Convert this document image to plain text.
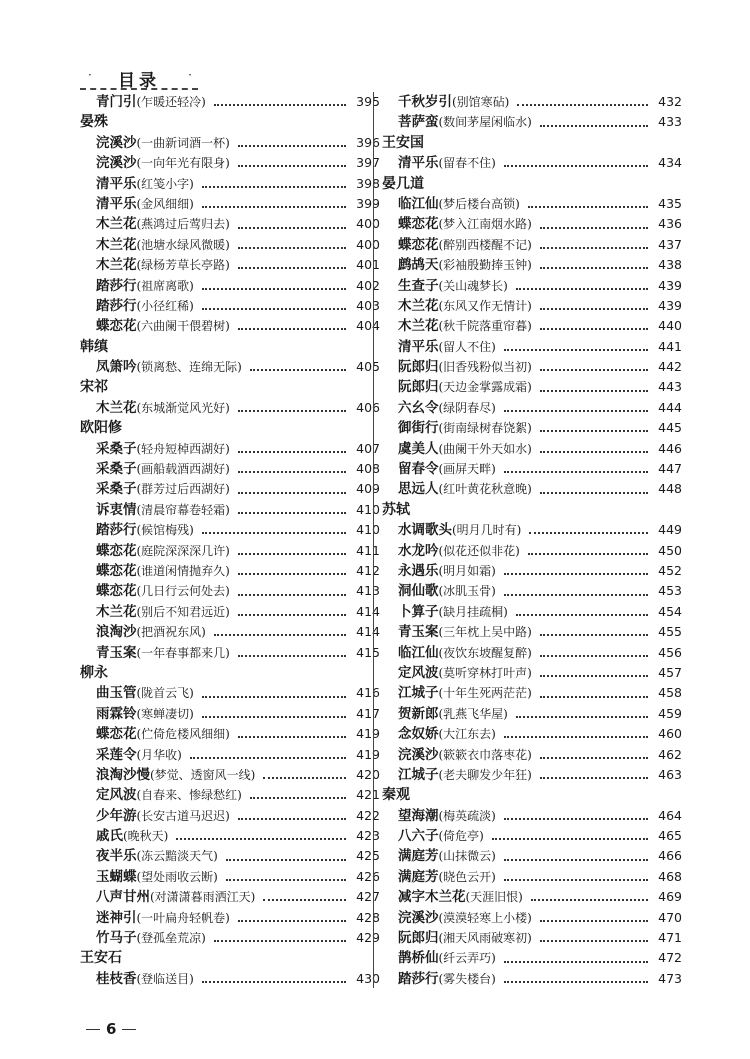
· 目录 ·
青门引 (乍暖还轻冷)	395
晏殊
浣溪沙 (一曲新词酒一杯)	396
浣溪沙 (一向年光有限身)	397
清平乐 (红笺小字)	398
清平乐 (金风细细)	399
木兰花 (燕鸿过后莺归去)	400
木兰花 (池塘水绿风微暖)	400
木兰花 (绿杨芳草长亭路)	401
踏莎行 (祖席离歌)	402
踏莎行 (小径红稀)	403
蝶恋花 (六曲阑干偎碧树)	404
韩缜
凤箫吟 (锁离愁、连绵无际)	405
宋祁
木兰花 (东城渐觉风光好)	406
欧阳修
采桑子 (轻舟短棹西湖好)	407
采桑子 (画船载酒西湖好)	408
采桑子 (群芳过后西湖好)	409
诉衷情 (清晨帘幕卷轻霜)	410
踏莎行 (候馆梅残)	410
蝶恋花 (庭院深深深几许)	411
蝶恋花 (谁道闲情抛弃久)	412
蝶恋花 (几日行云何处去)	413
木兰花 (别后不知君远近)	414
浪淘沙 (把酒祝东风)	414
青玉案 (一年春事都来几)	415
柳永
曲玉管 (陇首云飞)	416
雨霖铃 (寒蝉凄切)	417
蝶恋花 (伫倚危楼风细细)	419
采莲令 (月华收)	419
浪淘沙慢 (梦觉、透窗风一线)	420
定风波 (自春来、惨绿愁红)	421
少年游 (长安古道马迟迟)	422
戚氏 (晚秋天)	423
夜半乐 (冻云黯淡天气)	425
玉蝴蝶 (望处雨收云断)	426
八声甘州 (对潇潇暮雨洒江天)	427
迷神引 (一叶扁舟轻帆卷)	428
竹马子 (登孤垒荒凉)	429
王安石
桂枝香 (登临送目)	430
千秋岁引 (别馆寒砧)	432
菩萨蛮 (数间茅屋闲临水)	433
王安国
清平乐 (留春不住)	434
晏几道
临江仙 (梦后楼台高锁)	435
蝶恋花 (梦入江南烟水路)	436
蝶恋花 (醉别西楼醒不记)	437
鹧鸪天 (彩袖殷勤捧玉钟)	438
生查子 (关山魂梦长)	439
木兰花 (东风又作无情计)	439
木兰花 (秋千院落重帘暮)	440
清平乐 (留人不住)	441
阮郎归 (旧香残粉似当初)	442
阮郎归 (天边金掌露成霜)	443
六幺令 (绿阴春尽)	444
御街行 (街南绿树春饶絮)	445
虞美人 (曲阑干外天如水)	446
留春令 (画屏天畔)	447
思远人 (红叶黄花秋意晚)	448
苏轼
水调歌头 (明月几时有)	449
水龙吟 (似花还似非花)	450
永遇乐 (明月如霜)	452
洞仙歌 (冰肌玉骨)	453
卜算子 (缺月挂疏桐)	454
青玉案 (三年枕上吴中路)	455
临江仙 (夜饮东坡醒复醉)	456
定风波 (莫听穿林打叶声)	457
江城子 (十年生死两茫茫)	458
贺新郎 (乳燕飞华屋)	459
念奴娇 (大江东去)	460
浣溪沙 (簌簌衣巾落枣花)	462
江城子 (老夫聊发少年狂)	463
秦观
望海潮 (梅英疏淡)	464
八六子 (倚危亭)	465
满庭芳 (山抹微云)	466
满庭芳 (晓色云开)	468
减字木兰花 (天涯旧恨)	469
浣溪沙 (漠漠轻寒上小楼)	470
阮郎归 (湘天风雨破寒初)	471
鹊桥仙 (纤云弄巧)	472
踏莎行 (雾失楼台)	473
6
